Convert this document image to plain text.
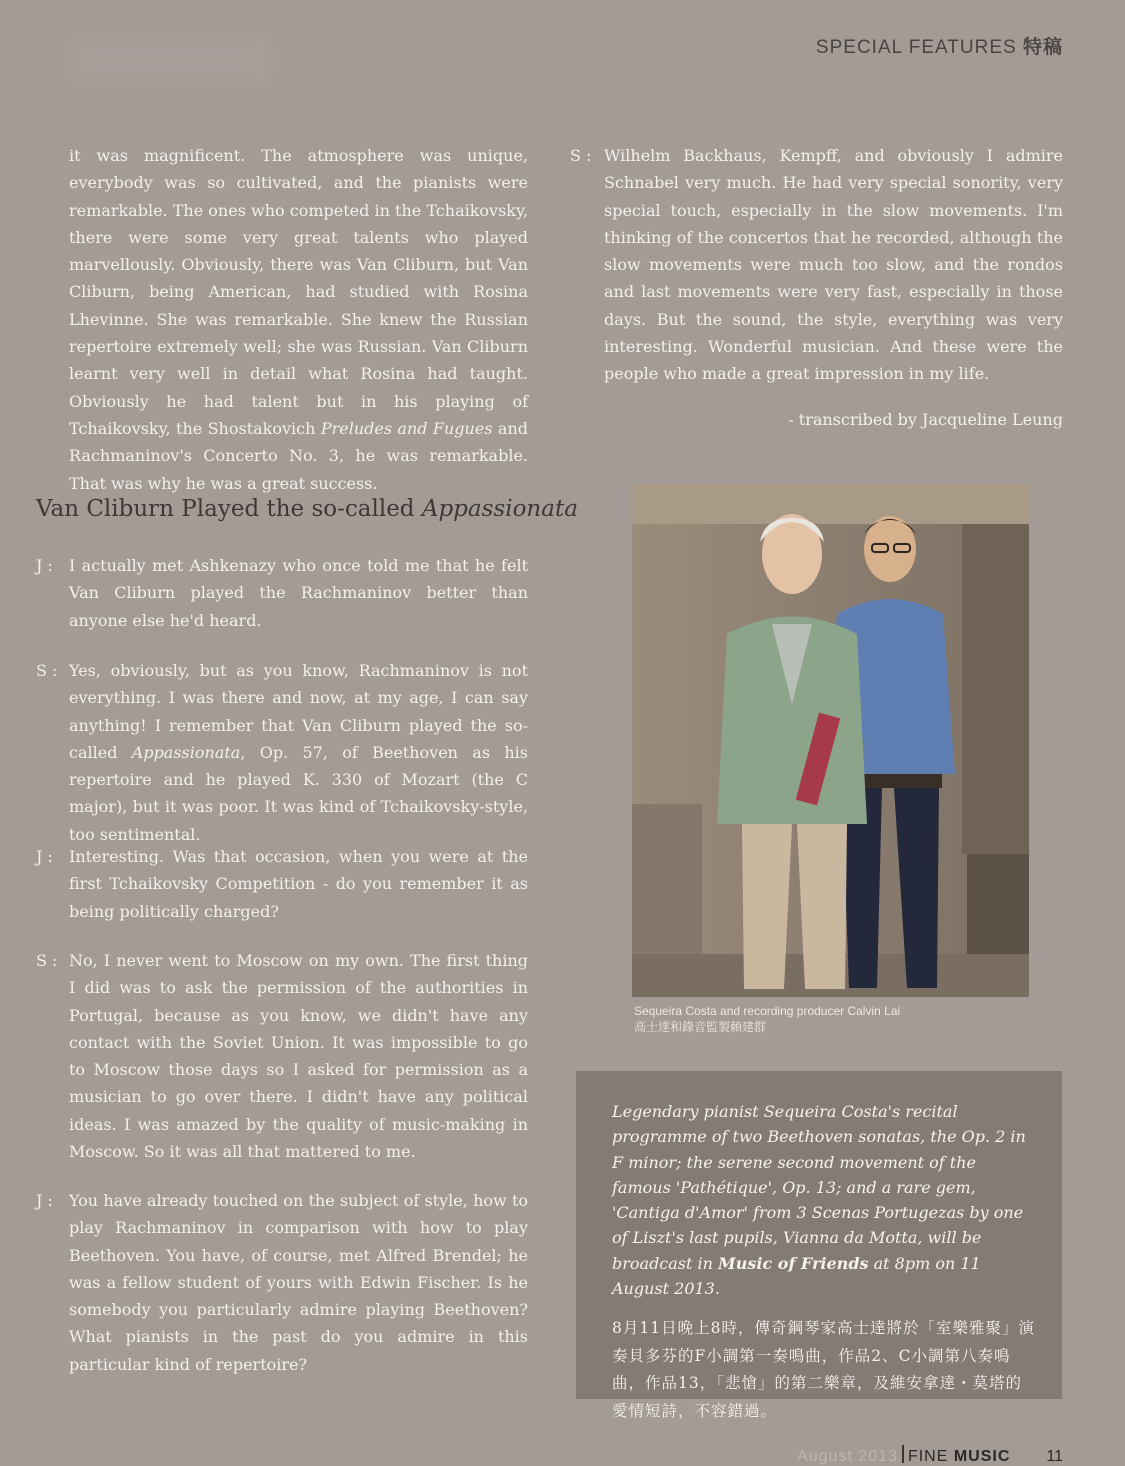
SPECIAL FEATURES 特稿

it was magnificent. The atmosphere was unique, everybody was so cultivated, and the pianists were remarkable. The ones who competed in the Tchaikovsky, there were some very great talents who played marvellously. Obviously, there was Van Cliburn, but Van Cliburn, being American, had studied with Rosina Lhevinne. She was remarkable. She knew the Russian repertoire extremely well; she was Russian. Van Cliburn learnt very well in detail what Rosina had taught. Obviously he had talent but in his playing of Tchaikovsky, the Shostakovich Preludes and Fugues and Rachmaninov's Concerto No. 3, he was remarkable. That was why he was a great success.

Van Cliburn Played the so-called Appassionata
J :	I actually met Ashkenazy who once told me that he felt Van Cliburn played the Rachmaninov better than anyone else he'd heard.

S : Yes, obviously, but as you know, Rachmaninov is not everything. I was there and now, at my age, I can say anything! I remember that Van Cliburn played the so-called Appassionata, Op. 57, of Beethoven as his repertoire and he played K. 330 of Mozart (the C major), but it was poor. It was kind of Tchaikovsky-style, too sentimental.

J :	Interesting. Was that occasion, when you were at the first Tchaikovsky Competition - do you remember it as being politically charged?

S : No, I never went to Moscow on my own. The first thing I did was to ask the permission of the authorities in Portugal, because as you know, we didn't have any contact with the Soviet Union. It was impossible to go to Moscow those days so I asked for permission as a musician to go over there. I didn't have any political ideas. I was amazed by the quality of music-making in Moscow. So it was all that mattered to me.

J :	You have already touched on the subject of style, how to play Rachmaninov in comparison with how to play Beethoven. You have, of course, met Alfred Brendel; he was a fellow student of yours with Edwin Fischer. Is he somebody you particularly admire playing Beethoven? What pianists in the past do you admire in this particular kind of repertoire?

S : Wilhelm Backhaus, Kempff, and obviously I admire Schnabel very much. He had very special sonority, very special touch, especially in the slow movements. I'm thinking of the concertos that he recorded, although the slow movements were much too slow, and the rondos and last movements were very fast, especially in those days. But the sound, the style, everything was very interesting. Wonderful musician. And these were the people who made a great impression in my life.

- transcribed by Jacqueline Leung
Sequeira Costa and recording producer Calvin Lai
高士達和錄音監製賴建群

Legendary pianist Sequeira Costa's recital programme of two Beethoven sonatas, the Op. 2 in F minor; the serene second movement of the famous 'Pathétique', Op. 13; and a rare gem, 'Cantiga d'Amor' from 3 Scenas Portugezas by one of Liszt's last pupils, Vianna da Motta, will be broadcast in Music of Friends at 8pm on 11 August 2013.

8月11日晚上8時，傳奇鋼琴家高士達將於「室樂雅聚」演奏貝多芬的F小調第一奏鳴曲，作品2、C小調第八奏鳴曲，作品13，「悲愴」的第二樂章，及維安拿達・莫塔的愛情短詩，不容錯過。

August 2013 FINE MUSIC 11
